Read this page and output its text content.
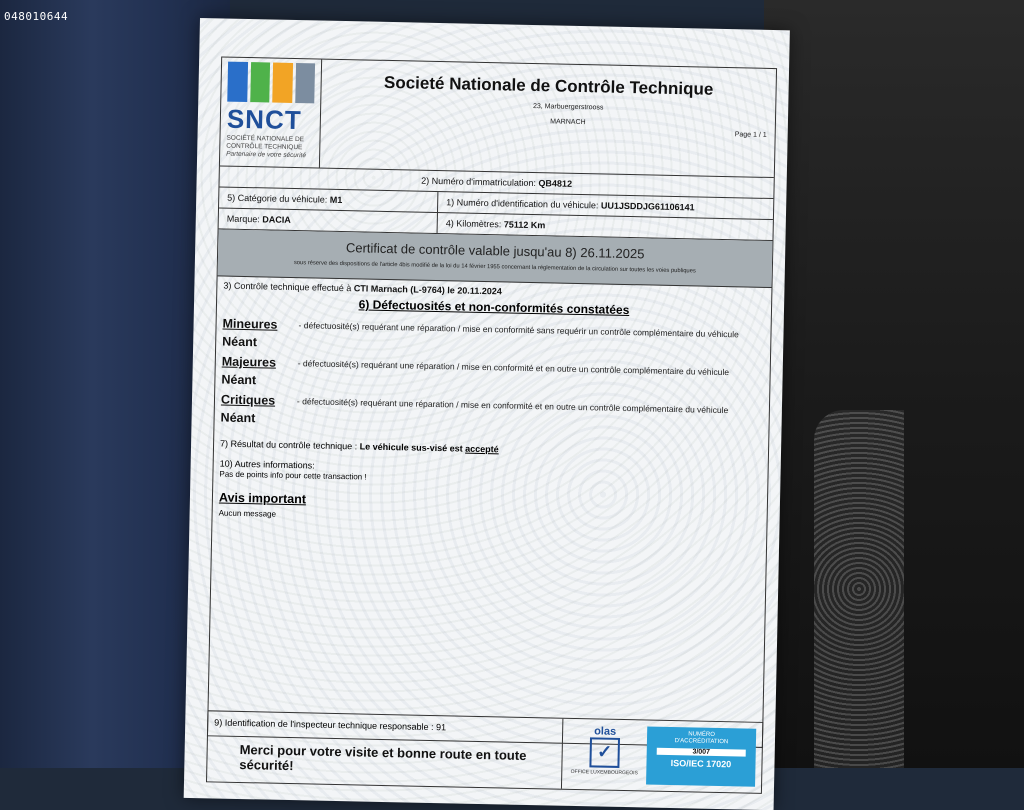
048010644
SNCT
SOCIÉTÉ NATIONALE DE
CONTRÔLE TECHNIQUE
Partenaire de votre sécurité
Societé Nationale de Contrôle Technique
23, Marbuergerstrooss
MARNACH
Page 1 / 1
2) Numéro d'immatriculation:
QB4812
5) Catégorie du véhicule: M1	1) Numéro d'identification du véhicule: UU1JSDDJG61106141
Marque: DACIA	4) Kilomètres: 75112 Km
Certificat de contrôle valable jusqu'au 8) 26.11.2025
sous réserve des dispositions de l'article 4bis modifié de la loi du 14 février 1955 concernant la réglementation de la circulation sur toutes les voies publiques
3) Contrôle technique effectué à CTI Marnach (L-9764) le 20.11.2024
6) Défectuosités et non-conformités constatées
Mineures	- défectuosité(s) requérant une réparation / mise en conformité sans requérir un contrôle complémentaire du véhicule
Néant
Majeures	- défectuosité(s) requérant une réparation / mise en conformité et en outre un contrôle complémentaire du véhicule
Néant
Critiques	- défectuosité(s) requérant une réparation / mise en conformité et en outre un contrôle complémentaire du véhicule
Néant
7) Résultat du contrôle technique : Le véhicule sus-visé est accepté
10) Autres informations:
Pas de points info pour cette transaction !
Avis important
Aucun message
9) Identification de l'inspecteur technique responsable : 91
Merci pour votre visite et bonne route en toute sécurité!
olas
✓
OFFICE LUXEMBOURGEOIS
NUMÉRO
D'ACCRÉDITATION
3/007
ISO/IEC 17020
